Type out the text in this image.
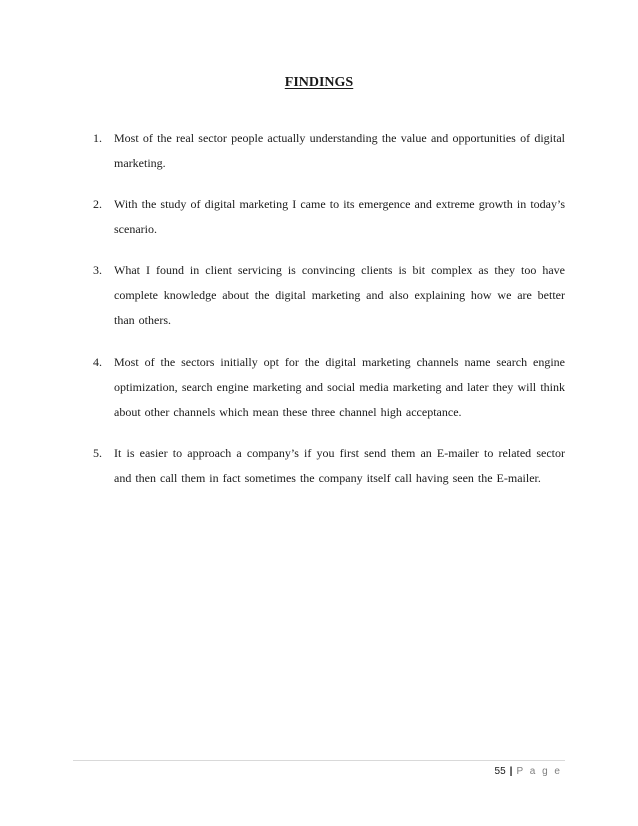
FINDINGS
1. Most of the real sector people actually understanding the value and opportunities of digital marketing.
2. With the study of digital marketing I came to its emergence and extreme growth in today’s scenario.
3. What I found in client servicing is convincing clients is bit complex as they too have complete knowledge about the digital marketing and also explaining how we are better than others.
4. Most of the sectors initially opt for the digital marketing channels name search engine optimization, search engine marketing and social media marketing and later they will think about other channels which mean these three channel high acceptance.
5. It is easier to approach a company’s if you first send them an E-mailer to related sector and then call them in fact sometimes the company itself call having seen the E-mailer.
55 | P a g e
